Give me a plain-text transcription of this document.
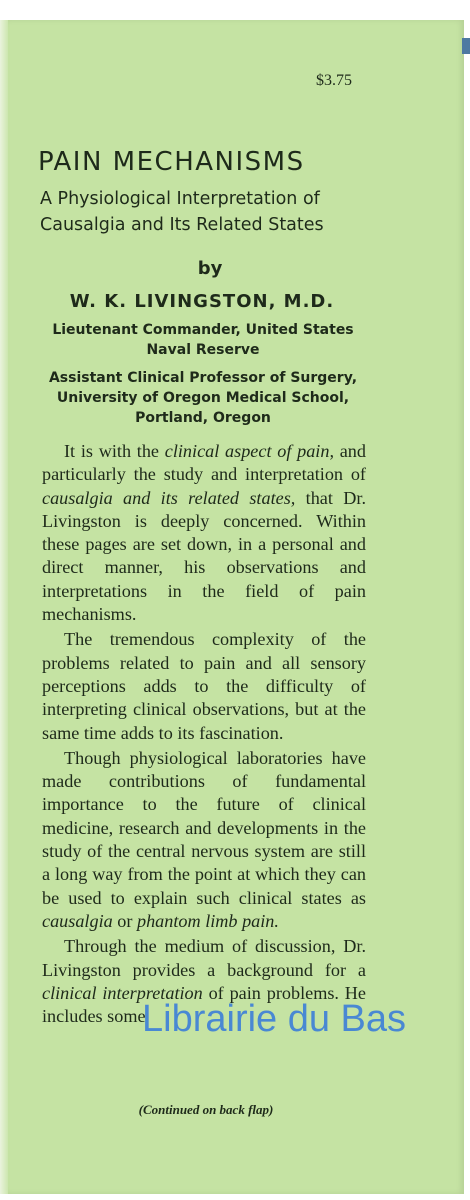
$3.75
PAIN MECHANISMS
A Physiological Interpretation of Causalgia and Its Related States
by
W. K. LIVINGSTON, M.D.
Lieutenant Commander, United States Naval Reserve
Assistant Clinical Professor of Surgery, University of Oregon Medical School, Portland, Oregon

It is with the clinical aspect of pain, and particularly the study and interpretation of causalgia and its related states, that Dr. Livingston is deeply concerned. Within these pages are set down, in a personal and direct manner, his observations and interpretations in the field of pain mechanisms.

The tremendous complexity of the problems related to pain and all sensory perceptions adds to the difficulty of interpreting clinical observations, but at the same time adds to its fascination.

Though physiological laboratories have made contributions of fundamental importance to the future of clinical medicine, research and developments in the study of the central nervous system are still a long way from the point at which they can be used to explain such clinical states as causalgia or phantom limb pain.

Through the medium of discussion, Dr. Livingston provides a background for a clinical interpretation of pain problems. He includes some

(Continued on back flap)
Librairie du Bas
